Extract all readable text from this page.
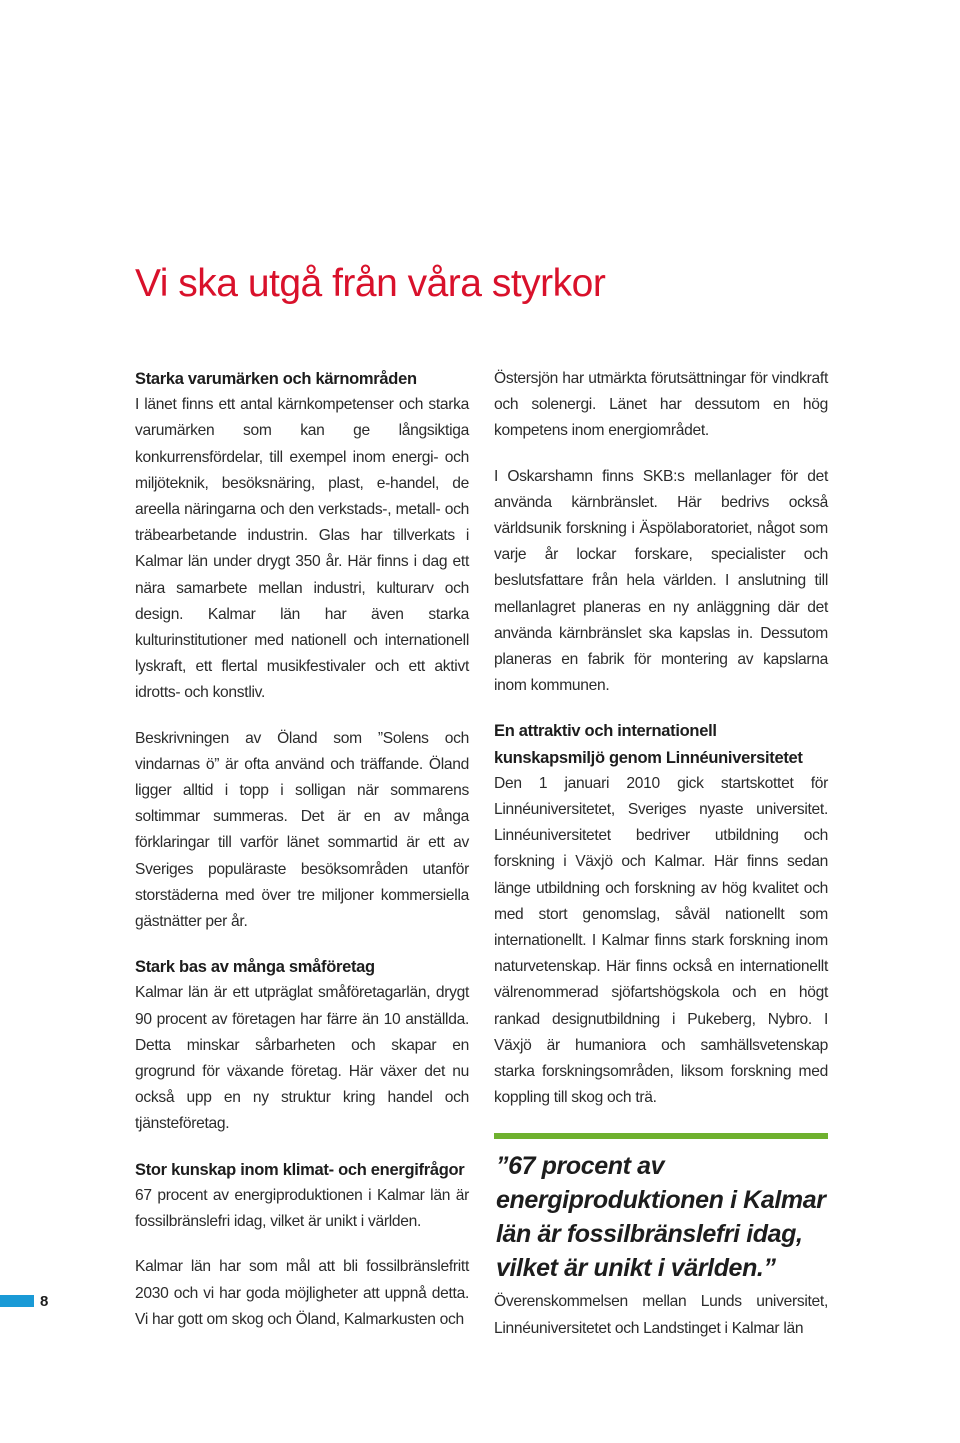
Vi ska utgå från våra styrkor
Starka varumärken och kärnområden

I länet finns ett antal kärnkompetenser och starka varumärken som kan ge långsiktiga konkurrensfördelar, till exempel inom energi- och miljöteknik, besöksnäring, plast, e-handel, de areella näringarna och den verkstads-, metall- och träbearbetande industrin. Glas har tillverkats i Kalmar län under drygt 350 år. Här finns i dag ett nära samarbete mellan industri, kulturarv och design. Kalmar län har även starka kulturinstitutioner med nationell och internationell lyskraft, ett flertal musikfestivaler och ett aktivt idrotts- och konstliv.

Beskrivningen av Öland som ”Solens och vindarnas ö” är ofta använd och träffande. Öland ligger alltid i topp i solligan när sommarens soltimmar summeras. Det är en av många förklaringar till varför länet sommartid är ett av Sveriges populäraste besöksområden utanför storstäderna med över tre miljoner kommersiella gästnätter per år.

Stark bas av många småföretag

Kalmar län är ett utpräglat småföretagarlän, drygt 90 procent av företagen har färre än 10 anställda. Detta minskar sårbarheten och skapar en grogrund för växande företag. Här växer det nu också upp en ny struktur kring handel och tjänsteföretag.

Stor kunskap inom klimat- och energifrågor

67 procent av energiproduktionen i Kalmar län är fossilbränslefri idag, vilket är unikt i världen.

Kalmar län har som mål att bli fossilbränslefritt 2030 och vi har goda möjligheter att uppnå detta. Vi har gott om skog och Öland, Kalmarkusten och

Östersjön har utmärkta förutsättningar för vindkraft och solenergi. Länet har dessutom en hög kompetens inom energiområdet.

I Oskarshamn finns SKB:s mellanlager för det använda kärnbränslet. Här bedrivs också världsunik forskning i Äspölaboratoriet, något som varje år lockar forskare, specialister och beslutsfattare från hela världen. I anslutning till mellanlagret planeras en ny anläggning där det använda kärnbränslet ska kapslas in. Dessutom planeras en fabrik för montering av kapslarna inom kommunen.

En attraktiv och internationell kunskapsmiljö genom Linnéuniversitetet

Den 1 januari 2010 gick startskottet för Linnéuniversitetet, Sveriges nyaste universitet. Linnéuniversitetet bedriver utbildning och forskning i Växjö och Kalmar. Här finns sedan länge utbildning och forskning av hög kvalitet och med stort genomslag, såväl nationellt som internationellt. I Kalmar finns stark forskning inom naturvetenskap. Här finns också en internationellt välrenommerad sjöfartshögskola och en högt rankad designutbildning i Pukeberg, Nybro. I Växjö är humaniora och samhällsvetenskap starka forskningsområden, liksom forskning med koppling till skog och trä.

”67 procent av energiproduktionen i Kalmar län är fossilbränslefri idag, vilket är unikt i världen.”

Överenskommelsen mellan Lunds universitet, Linnéuniversitetet och Landstinget i Kalmar län

8
